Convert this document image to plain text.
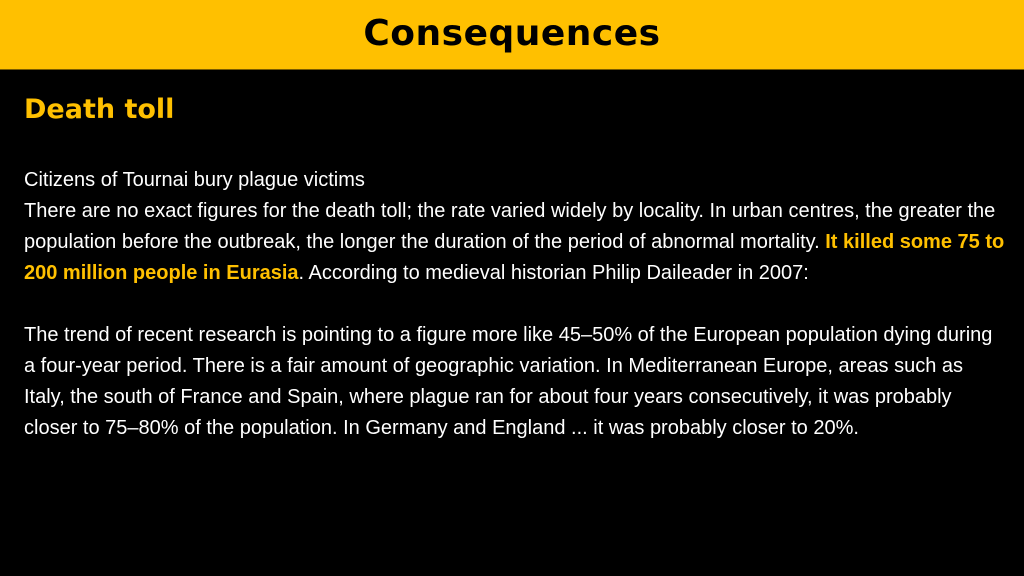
Consequences
Death toll

Citizens of Tournai bury plague victims

There are no exact figures for the death toll; the rate varied widely by locality. In urban centres, the greater the population before the outbreak, the longer the duration of the period of abnormal mortality. It killed some 75 to 200 million people in Eurasia. According to medieval historian Philip Daileader in 2007:

The trend of recent research is pointing to a figure more like 45–50% of the European population dying during a four-year period. There is a fair amount of geographic variation. In Mediterranean Europe, areas such as Italy, the south of France and Spain, where plague ran for about four years consecutively, it was probably closer to 75–80% of the population. In Germany and England ... it was probably closer to 20%.
